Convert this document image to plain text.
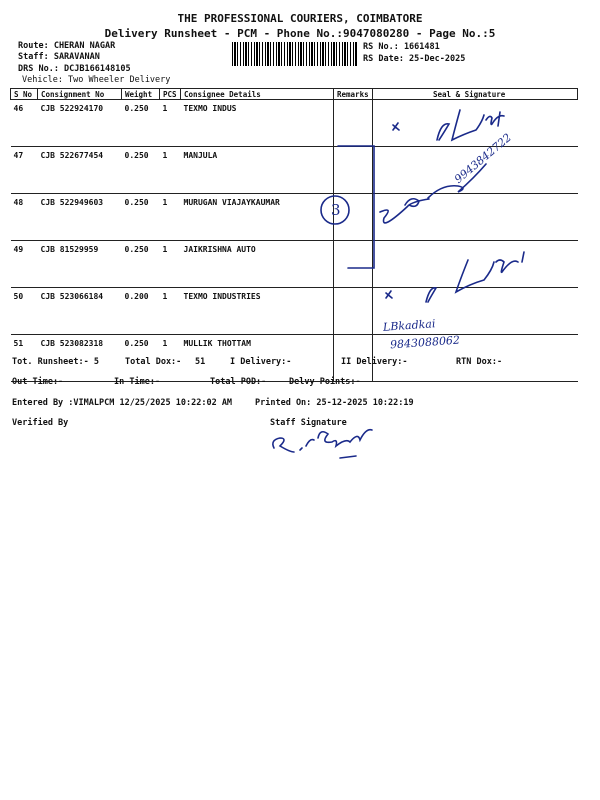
THE PROFESSIONAL COURIERS, COIMBATORE
Delivery Runsheet - PCM - Phone No.:9047080280 - Page No.:5
Route: CHERAN NAGAR
Staff: SARAVANAN
DRS No.: DCJB166148105
Vehicle: Two Wheeler Delivery
RS No.: 1661481
RS Date: 25-Dec-2025
S No	Consignment No	Weight	PCS	Consignee Details	Remarks	Seal & Signature
46	CJB 522924170	0.250	1	TEXMO INDUS		
47	CJB 522677454	0.250	1	MANJULA		
48	CJB 522949603	0.250	1	MURUGAN VIAJAYKAUMAR		
49	CJB 81529959	0.250	1	JAIKRISHNA AUTO		
50	CJB 523066184	0.200	1	TEXMO INDUSTRIES		
51	CJB 523082318	0.250	1	MULLIK THOTTAM		
3
9943842722
LBkadkai
9843088062
Tot. Runsheet:- 5	Total Dox:- 51	I Delivery:-	II Delivery:-	RTN Dox:-
Out Time:-	In Time:-	Total POD:-	Delvy Points:-
Entered By :VIMALPCM 12/25/2025 10:22:02 AM	Printed On: 25-12-2025 10:22:19
Verified By	Staff Signature
